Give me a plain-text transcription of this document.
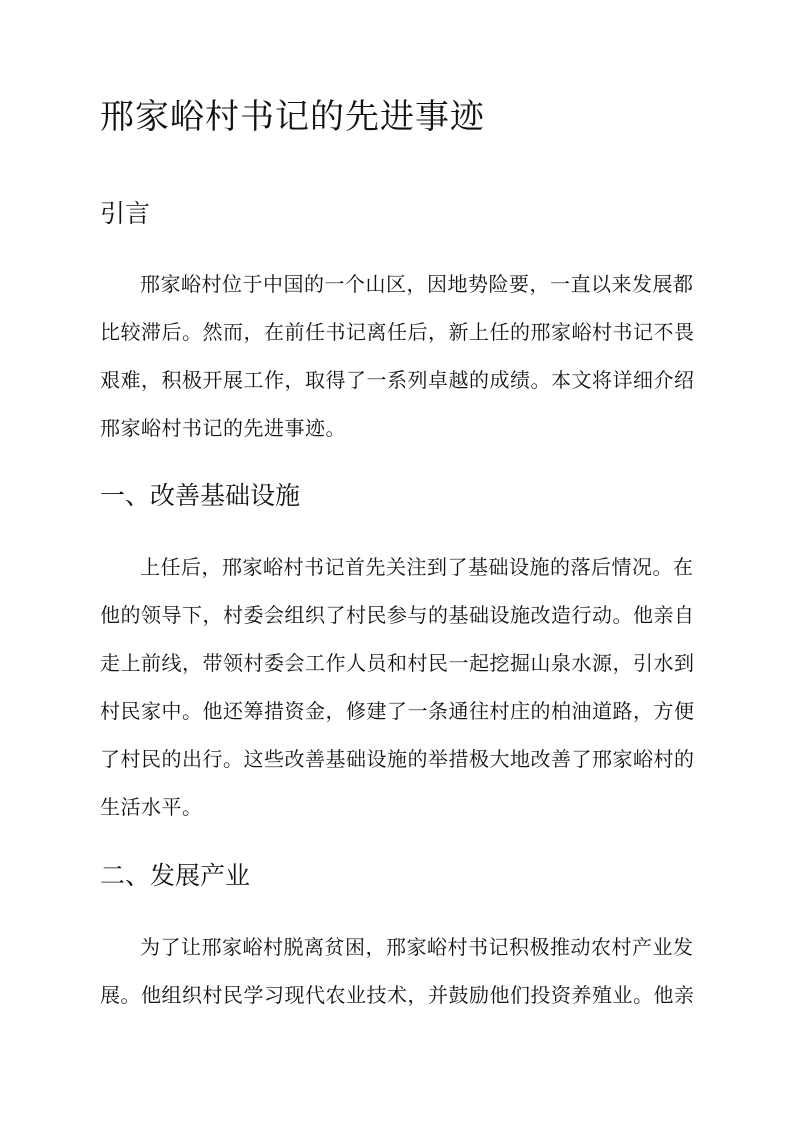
邢家峪村书记的先进事迹
引言
邢家峪村位于中国的一个山区，因地势险要，一直以来发展都
比较滞后。然而，在前任书记离任后，新上任的邢家峪村书记不畏
艰难，积极开展工作，取得了一系列卓越的成绩。本文将详细介绍
邢家峪村书记的先进事迹。
一、改善基础设施
上任后，邢家峪村书记首先关注到了基础设施的落后情况。在
他的领导下，村委会组织了村民参与的基础设施改造行动。他亲自
走上前线，带领村委会工作人员和村民一起挖掘山泉水源，引水到
村民家中。他还筹措资金，修建了一条通往村庄的柏油道路，方便
了村民的出行。这些改善基础设施的举措极大地改善了邢家峪村的
生活水平。
二、发展产业
为了让邢家峪村脱离贫困，邢家峪村书记积极推动农村产业发
展。他组织村民学习现代农业技术，并鼓励他们投资养殖业。他亲
